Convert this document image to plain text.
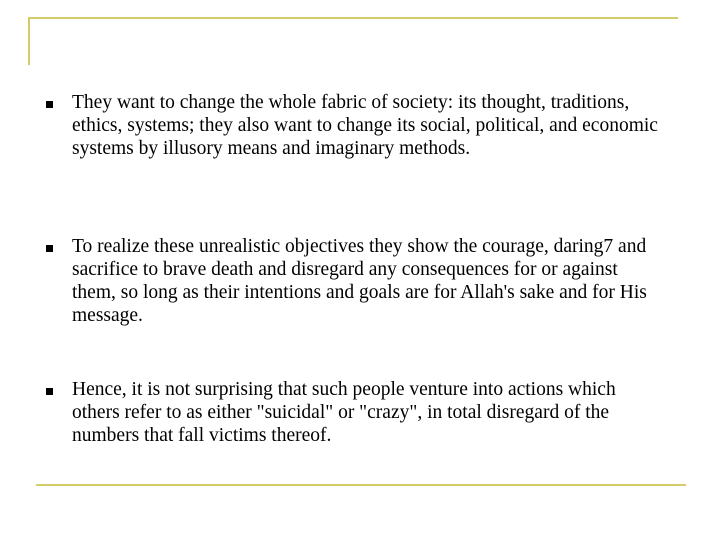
They want to change the whole fabric of society: its thought, traditions, ethics, systems; they also want to change its social, political, and economic systems by illusory means and imaginary methods.
To realize these unrealistic objectives they show the courage, daring7 and sacrifice to brave death and disregard any consequences for or against them, so long as their intentions and goals are for Allah's sake and for His message.
Hence, it is not surprising that such people venture into actions which others refer to as either "suicidal" or "crazy", in total disregard of the numbers that fall victims thereof.
